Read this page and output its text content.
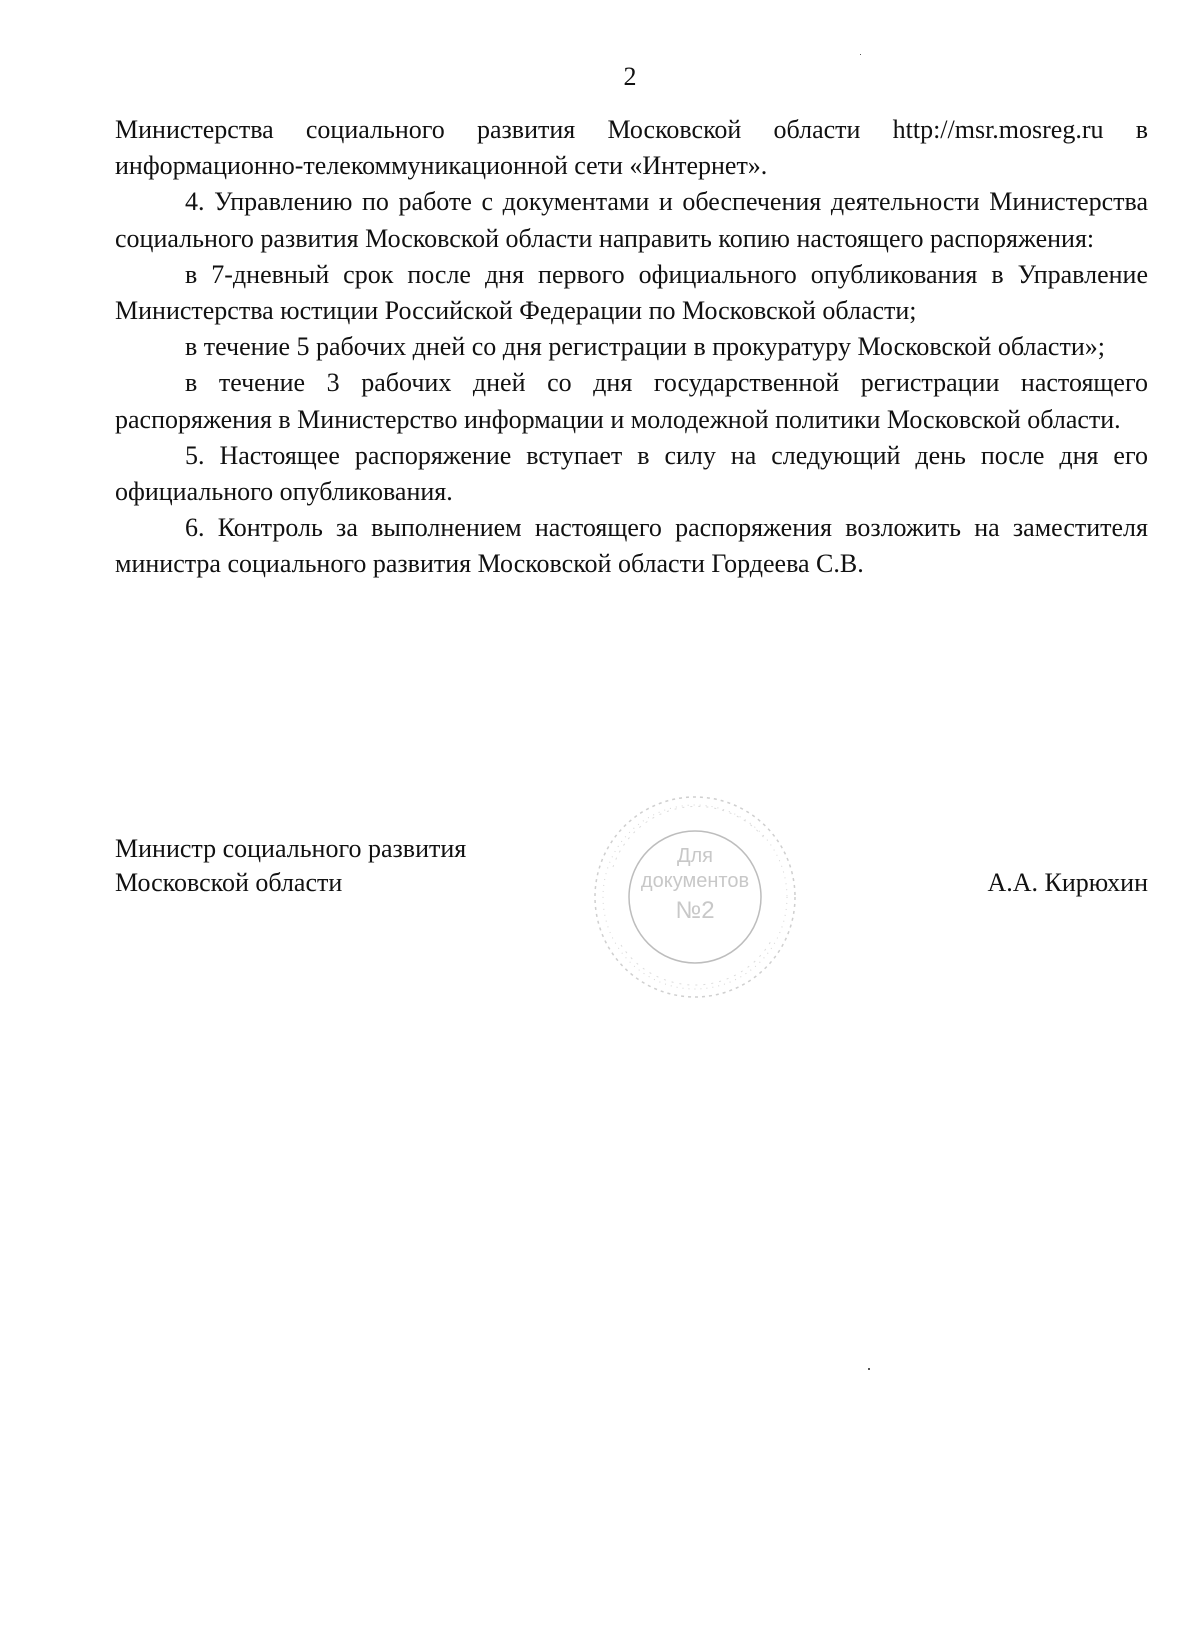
2

Министерства социального развития Московской области http://msr.mosreg.ru в информационно-телекоммуникационной сети «Интернет».

4. Управлению по работе с документами и обеспечения деятельности Министерства социального развития Московской области направить копию настоящего распоряжения:

в 7-дневный срок после дня первого официального опубликования в Управление Министерства юстиции Российской Федерации по Московской области;

в течение 5 рабочих дней со дня регистрации в прокуратуру Московской области»;

в течение 3 рабочих дней со дня государственной регистрации настоящего распоряжения в Министерство информации и молодежной политики Московской области.

5. Настоящее распоряжение вступает в силу на следующий день после дня его официального опубликования.

6. Контроль за выполнением настоящего распоряжения возложить на заместителя министра социального развития Московской области Гордеева С.В.

Министр социального развития
Московской области	А.А. Кирюхин
Для
документов
№2
